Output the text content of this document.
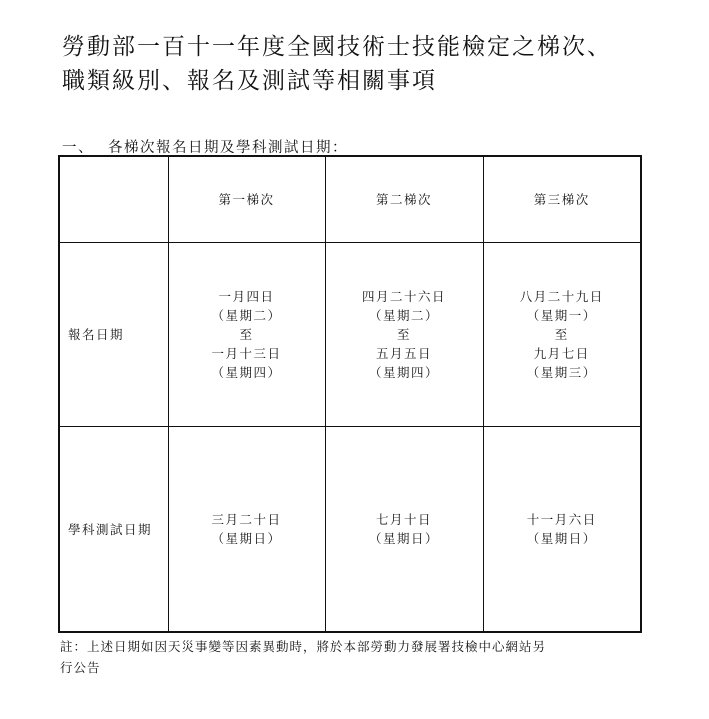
勞動部一百十一年度全國技術士技能檢定之梯次、
職類級別、報名及測試等相關事項
一、 各梯次報名日期及學科測試日期：
	第一梯次	第二梯次	第三梯次
報名日期	一月四日
（星期二）
至
一月十三日
（星期四）	四月二十六日
（星期二）
至
五月五日
（星期四）	八月二十九日
（星期一）
至
九月七日
（星期三）

學科測試日期	三月二十日
（星期日）	七月十日
（星期日）	十一月六日
（星期日）
註：上述日期如因天災事變等因素異動時，將於本部勞動力發展署技檢中心網站另
行公告
